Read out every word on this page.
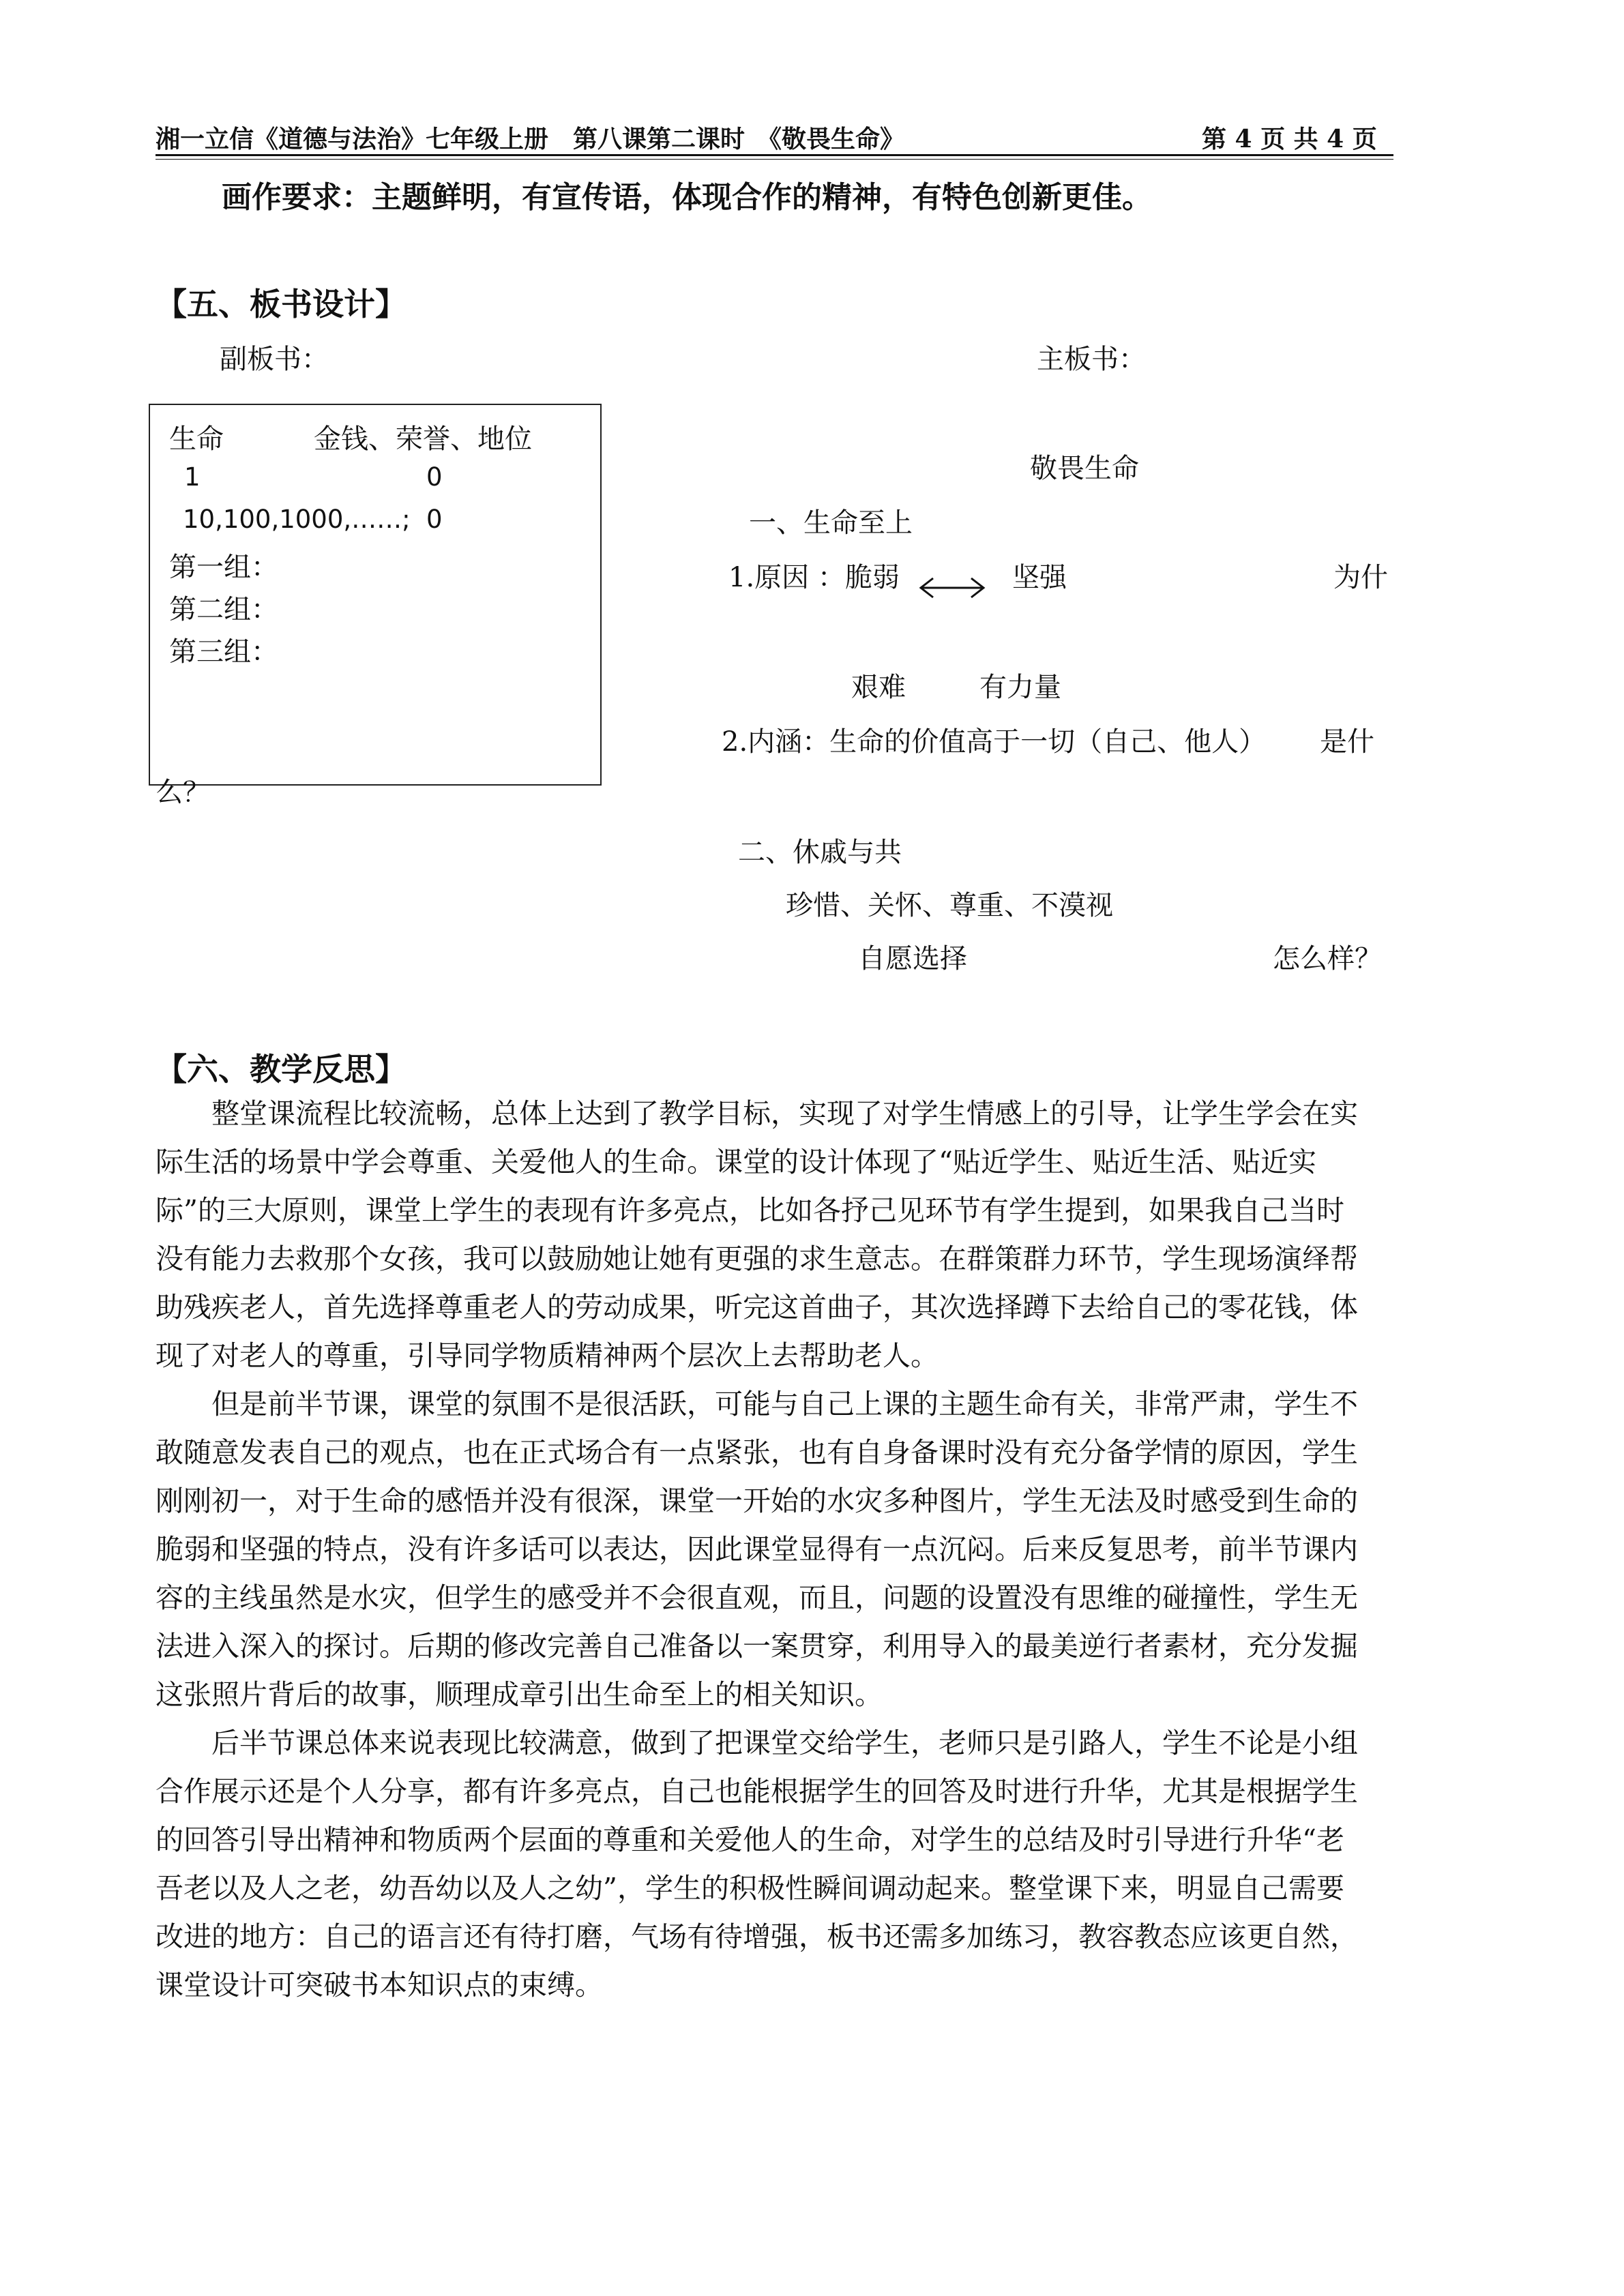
湘一立信《道德与法治》七年级上册　第八课第二课时　《敬畏生命》	第 4 页 共 4 页
画作要求：主题鲜明，有宣传语，体现合作的精神，有特色创新更佳。
【五、板书设计】
副板书：	主板书：
生命	金钱、荣誉、地位
1	0
10,100,1000,……; 0
第一组：
第二组：
第三组：
敬畏生命
一、生命至上
1.原因 ：脆弱	坚强	为什
艰难	有力量
2.内涵：生命的价值高于一切（自己、他人） 是什
么？
二、休戚与共
珍惜、关怀、尊重、不漠视
自愿选择	怎么样？
【六、教学反思】
　　整堂课流程比较流畅，总体上达到了教学目标，实现了对学生情感上的引导，让学生学会在实
际生活的场景中学会尊重、关爱他人的生命。课堂的设计体现了“贴近学生、贴近生活、贴近实
际”的三大原则，课堂上学生的表现有许多亮点，比如各抒己见环节有学生提到，如果我自己当时
没有能力去救那个女孩，我可以鼓励她让她有更强的求生意志。在群策群力环节，学生现场演绎帮
助残疾老人，首先选择尊重老人的劳动成果，听完这首曲子，其次选择蹲下去给自己的零花钱，体
现了对老人的尊重，引导同学物质精神两个层次上去帮助老人。
　　但是前半节课，课堂的氛围不是很活跃，可能与自己上课的主题生命有关，非常严肃，学生不
敢随意发表自己的观点，也在正式场合有一点紧张，也有自身备课时没有充分备学情的原因，学生
刚刚初一，对于生命的感悟并没有很深，课堂一开始的水灾多种图片，学生无法及时感受到生命的
脆弱和坚强的特点，没有许多话可以表达，因此课堂显得有一点沉闷。后来反复思考，前半节课内
容的主线虽然是水灾，但学生的感受并不会很直观，而且，问题的设置没有思维的碰撞性，学生无
法进入深入的探讨。后期的修改完善自己准备以一案贯穿，利用导入的最美逆行者素材，充分发掘
这张照片背后的故事，顺理成章引出生命至上的相关知识。
　　后半节课总体来说表现比较满意，做到了把课堂交给学生，老师只是引路人，学生不论是小组
合作展示还是个人分享，都有许多亮点，自己也能根据学生的回答及时进行升华，尤其是根据学生
的回答引导出精神和物质两个层面的尊重和关爱他人的生命，对学生的总结及时引导进行升华“老
吾老以及人之老，幼吾幼以及人之幼”，学生的积极性瞬间调动起来。整堂课下来，明显自己需要
改进的地方：自己的语言还有待打磨，气场有待增强，板书还需多加练习，教容教态应该更自然，
课堂设计可突破书本知识点的束缚。
